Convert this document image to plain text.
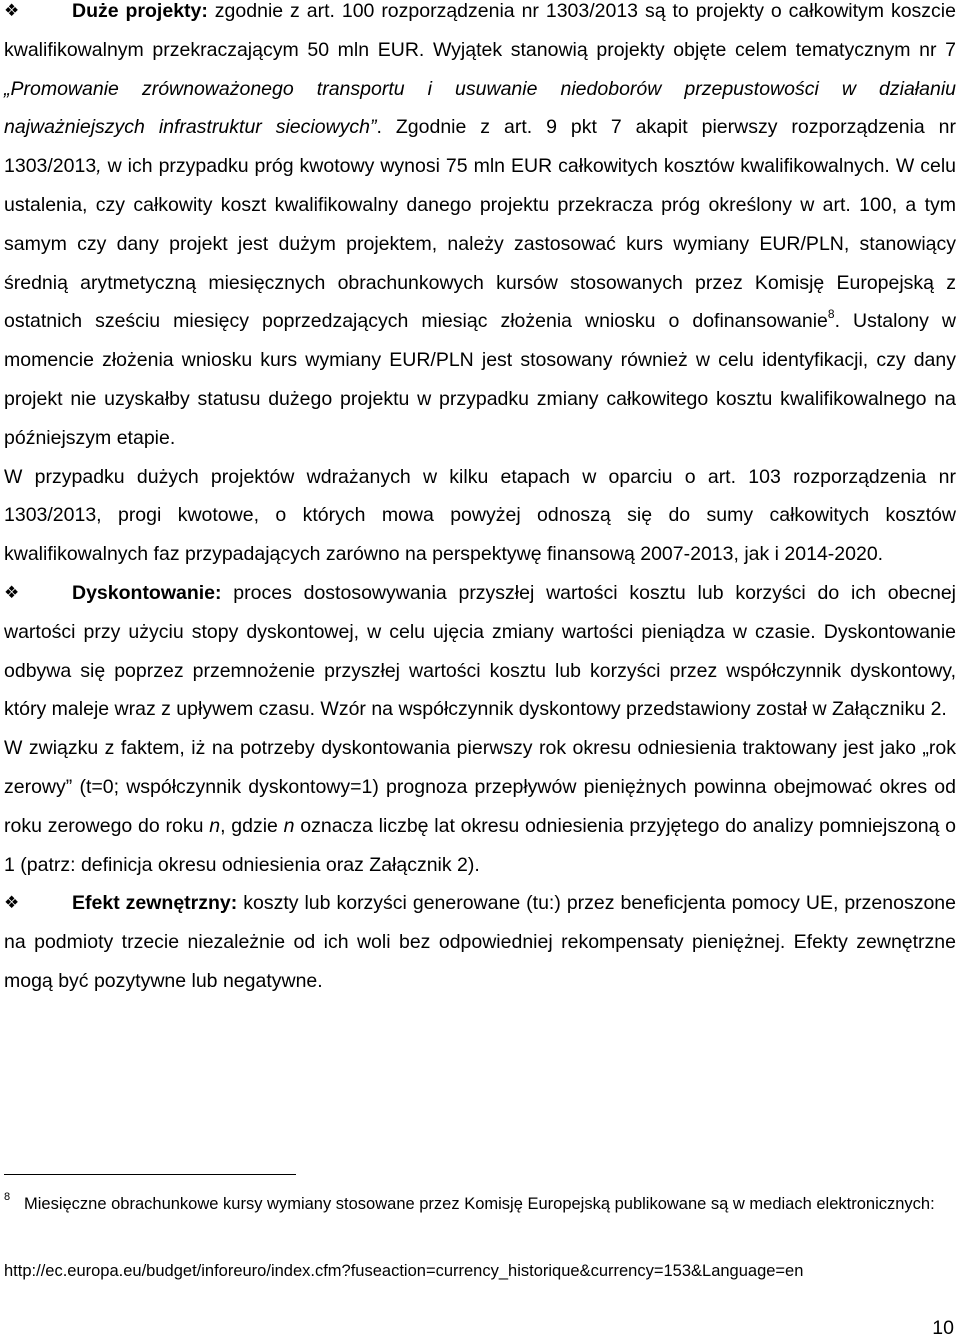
❖	Duże projekty: zgodnie z art. 100 rozporządzenia nr 1303/2013 są to projekty o całkowitym koszcie kwalifikowalnym przekraczającym 50 mln EUR. Wyjątek stanowią projekty objęte celem tematycznym nr 7 „Promowanie zrównoważonego transportu i usuwanie niedoborów przepustowości w działaniu najważniejszych infrastruktur sieciowych”. Zgodnie z art. 9 pkt 7 akapit pierwszy rozporządzenia nr 1303/2013, w ich przypadku próg kwotowy wynosi 75 mln EUR całkowitych kosztów kwalifikowalnych. W celu ustalenia, czy całkowity koszt kwalifikowalny danego projektu przekracza próg określony w art. 100, a tym samym czy dany projekt jest dużym projektem, należy zastosować kurs wymiany EUR/PLN, stanowiący średnią arytmetyczną miesięcznych obrachunkowych kursów stosowanych przez Komisję Europejską z ostatnich sześciu miesięcy poprzedzających miesiąc złożenia wniosku o dofinansowanie$^8$. Ustalony w momencie złożenia wniosku kurs wymiany EUR/PLN jest stosowany również w celu identyfikacji, czy dany projekt nie uzyskałby statusu dużego projektu w przypadku zmiany całkowitego kosztu kwalifikowalnego na późniejszym etapie.

W przypadku dużych projektów wdrażanych w kilku etapach w oparciu o art. 103 rozporządzenia nr 1303/2013, progi kwotowe, o których mowa powyżej odnoszą się do sumy całkowitych kosztów kwalifikowalnych faz przypadających zarówno na perspektywę finansową 2007-2013, jak i 2014-2020.

❖	Dyskontowanie: proces dostosowywania przyszłej wartości kosztu lub korzyści do ich obecnej wartości przy użyciu stopy dyskontowej, w celu ujęcia zmiany wartości pieniądza w czasie. Dyskontowanie odbywa się poprzez przemnożenie przyszłej wartości kosztu lub korzyści przez współczynnik dyskontowy, który maleje wraz z upływem czasu. Wzór na współczynnik dyskontowy przedstawiony został w Załączniku 2.

W związku z faktem, iż na potrzeby dyskontowania pierwszy rok okresu odniesienia traktowany jest jako „rok zerowy” (t=0; współczynnik dyskontowy=1) prognoza przepływów pieniężnych powinna obejmować okres od roku zerowego do roku n, gdzie n oznacza liczbę lat okresu odniesienia przyjętego do analizy pomniejszoną o 1 (patrz: definicja okresu odniesienia oraz Załącznik 2).

❖	Efekt zewnętrzny: koszty lub korzyści generowane (tu:) przez beneficjenta pomocy UE, przenoszone na podmioty trzecie niezależnie od ich woli bez odpowiedniej rekompensaty pieniężnej. Efekty zewnętrzne mogą być pozytywne lub negatywne.

8 Miesięczne obrachunkowe kursy wymiany stosowane przez Komisję Europejską publikowane są w mediach elektronicznych:
http://ec.europa.eu/budget/inforeuro/index.cfm?fuseaction=currency_historique&currency=153&Language=en
10
